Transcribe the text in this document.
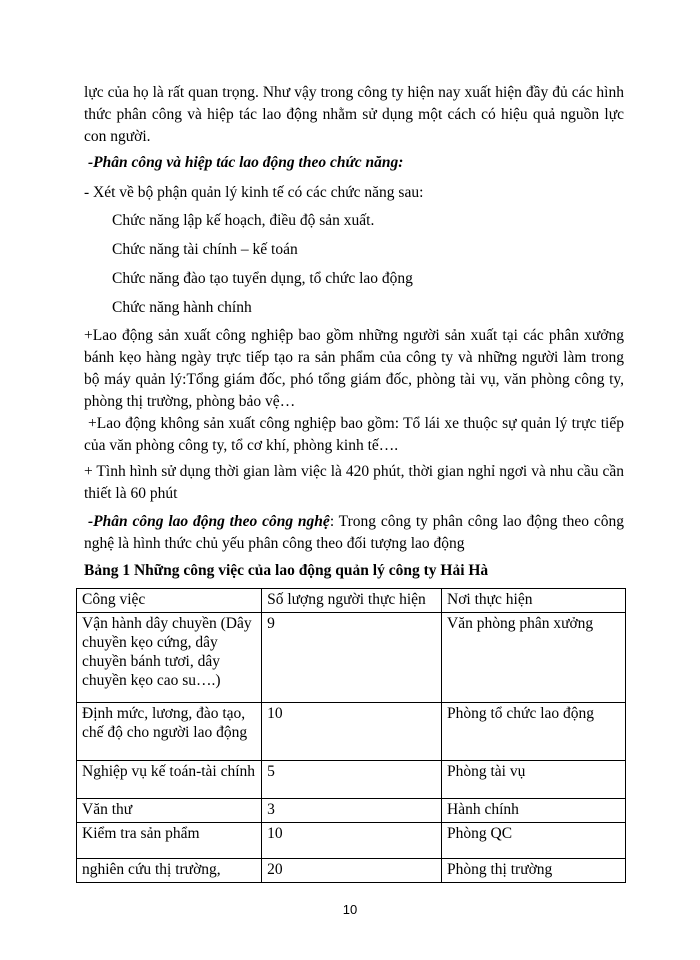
lực của họ là rất quan trọng. Như vậy trong công ty hiện nay xuất hiện đầy đủ các hình thức phân công và hiệp tác lao động nhằm sử dụng một cách có hiệu quả nguồn lực con người.

-Phân công và hiệp tác lao động theo chức năng:

- Xét về bộ phận quản lý kinh tế có các chức năng sau:

Chức năng lập kế hoạch, điều độ sản xuất.

Chức năng tài chính – kế toán

Chức năng đào tạo tuyển dụng, tổ chức lao động

Chức năng hành chính

+Lao động sản xuất công nghiệp bao gồm những người sản xuất tại các phân xưởng bánh kẹo hàng ngày trực tiếp tạo ra sản phẩm của công ty và những người làm trong bộ máy quản lý:Tổng giám đốc, phó tổng giám đốc, phòng tài vụ, văn phòng công ty, phòng thị trường, phòng bảo vệ…

+Lao động không sản xuất công nghiệp bao gồm: Tổ lái xe thuộc sự quản lý trực tiếp của văn phòng công ty, tổ cơ khí, phòng kinh tế….

+ Tình hình sử dụng thời gian làm việc là 420 phút, thời gian nghỉ ngơi và nhu cầu cần thiết là 60 phút

-Phân công lao động theo công nghệ: Trong công ty phân công lao động theo công nghệ là hình thức chủ yếu phân công theo đối tượng lao động

Bảng 1 Những công việc của lao động quản lý công ty Hải Hà

Công việc	Số lượng người thực hiện	Nơi thực hiện
Vận hành dây chuyền (Dây chuyền kẹo cứng, dây chuyền bánh tươi, dây chuyền kẹo cao su….)	9	Văn phòng phân xưởng
Định mức, lương, đào tạo, chế độ cho người lao động	10	Phòng tổ chức lao động
Nghiệp vụ kế toán-tài chính	5	Phòng tài vụ
Văn thư	3	Hành chính
Kiểm tra sản phẩm	10	Phòng QC
nghiên cứu thị trường,	20	Phòng thị trường
10
